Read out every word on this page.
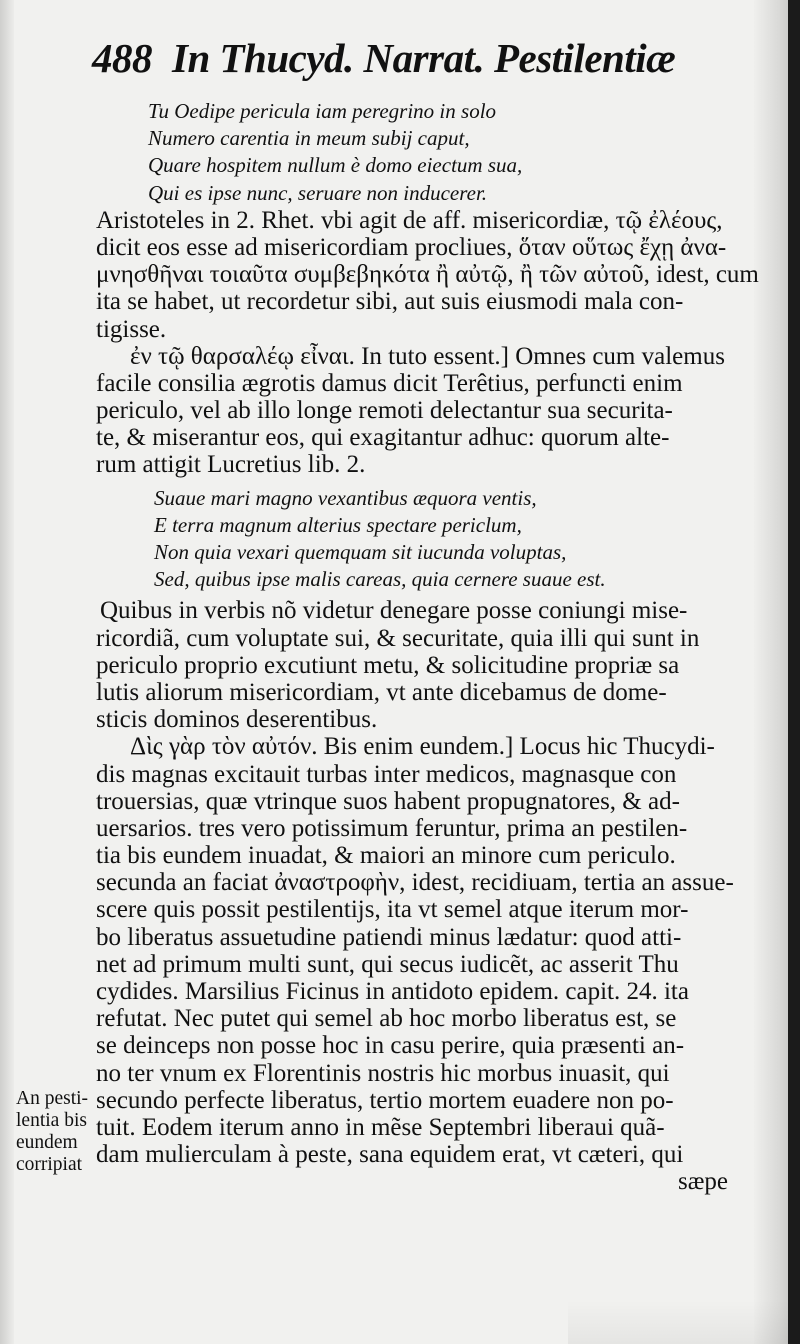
488 In Thucyd. Narrat. Pestilentiæ
Tu Oedipe pericula iam peregrino in solo
Numero carentia in meum subij caput,
Quare hospitem nullum è domo eiectum sua,
Qui es ipse nunc, seruare non inducerer.
Aristoteles in 2. Rhet. vbi agit de aff. misericordiæ, τῷ ἐλέους,
dicit eos esse ad misericordiam procliues, ὅταν οὕτως ἔχῃ ἀνα-
μνησθῆναι τοιαῦτα συμβεβηκότα ἢ αὐτῷ, ἢ τῶν αὐτοῦ, idest, cum
ita se habet, ut recordetur sibi, aut suis eiusmodi mala con-
tigisse.
ἐν τῷ θαρσαλέῳ εἶναι. In tuto essent.] Omnes cum valemus
facile consilia ægrotis damus dicit Terêtius, perfuncti enim
periculo, vel ab illo longe remoti delectantur sua securita-
te, & miserantur eos, qui exagitantur adhuc: quorum alte-
rum attigit Lucretius lib. 2.
Suaue mari magno vexantibus æquora ventis,
E terra magnum alterius spectare periclum,
Non quia vexari quemquam sit iucunda voluptas,
Sed, quibus ipse malis careas, quia cernere suaue est.
Quibus in verbis nõ videtur denegare posse coniungi mise-
ricordiã, cum voluptate sui, & securitate, quia illi qui sunt in
periculo proprio excutiunt metu, & solicitudine propriæ sa
lutis aliorum misericordiam, vt ante dicebamus de dome-
sticis dominos deserentibus.
Δὶς γὰρ τὸν αὐτόν. Bis enim eundem.] Locus hic Thucydi-
dis magnas excitauit turbas inter medicos, magnasque con
trouersias, quæ vtrinque suos habent propugnatores, & ad-
uersarios. tres vero potissimum feruntur, prima an pestilen-
tia bis eundem inuadat, & maiori an minore cum periculo.
secunda an faciat ἀναστροφὴν, idest, recidiuam, tertia an assue-
scere quis possit pestilentijs, ita vt semel atque iterum mor-
bo liberatus assuetudine patiendi minus lædatur: quod atti-
net ad primum multi sunt, qui secus iudicẽt, ac asserit Thu
cydides. Marsilius Ficinus in antidoto epidem. capit. 24. ita
refutat. Nec putet qui semel ab hoc morbo liberatus est, se
se deinceps non posse hoc in casu perire, quia præsenti an-
no ter vnum ex Florentinis nostris hic morbus inuasit, qui
secundo perfecte liberatus, tertio mortem euadere non po-
tuit. Eodem iterum anno in mẽse Septembri liberaui quã-
dam mulierculam à peste, sana equidem erat, vt cæteri, qui
sæpe
An pesti-
lentia bis
eundem
corripiat
